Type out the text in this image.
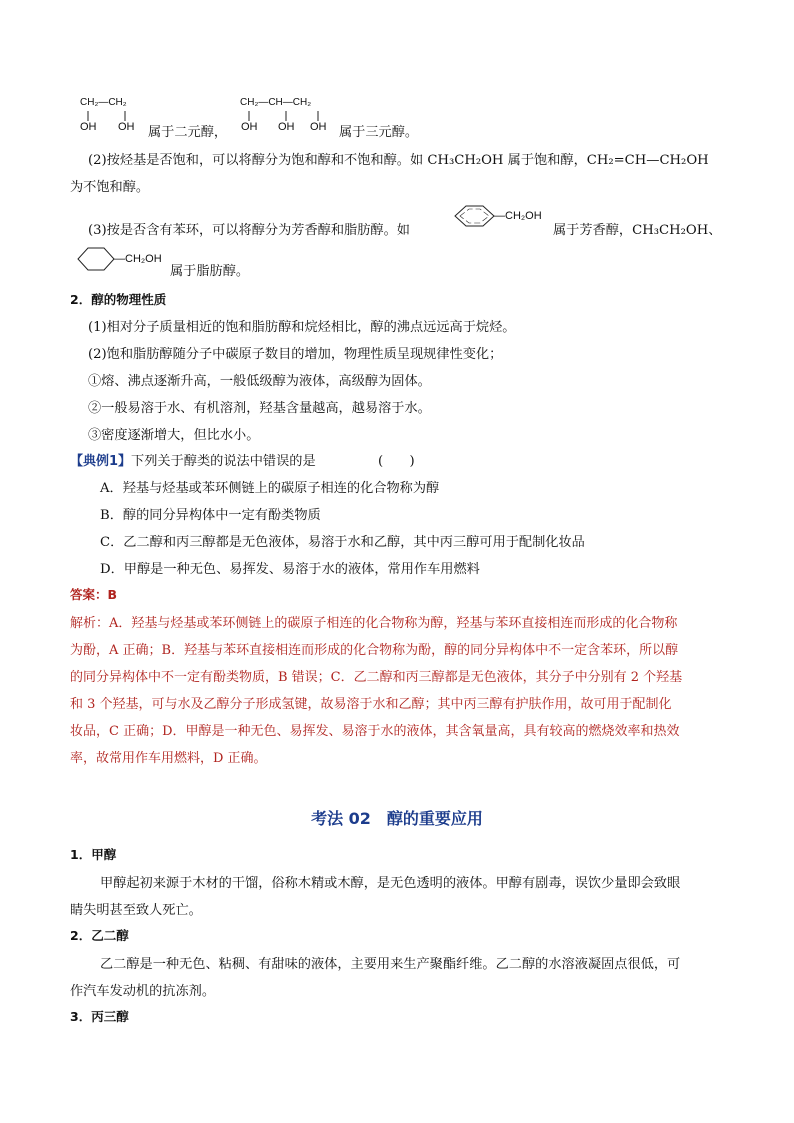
CH₂—CH₂
OH OH 属于二元醇，
CH₂—CH—CH₂
OH OH OH 属于三元醇。
(2)按烃基是否饱和，可以将醇分为饱和醇和不饱和醇。如 CH₃CH₂OH 属于饱和醇，CH₂=CH—CH₂OH
为不饱和醇。
(3)按是否含有苯环，可以将醇分为芳香醇和脂肪醇。如
—CH₂OH
属于芳香醇，CH₃CH₂OH、
—CH₂OH
属于脂肪醇。
2．醇的物理性质
(1)相对分子质量相近的饱和脂肪醇和烷烃相比，醇的沸点远远高于烷烃。
(2)饱和脂肪醇随分子中碳原子数目的增加，物理性质呈现规律性变化；
①熔、沸点逐渐升高，一般低级醇为液体，高级醇为固体。
②一般易溶于水、有机溶剂，羟基含量越高，越易溶于水。
③密度逐渐增大，但比水小。
【典例1】下列关于醇类的说法中错误的是	(　　)
A．羟基与烃基或苯环侧链上的碳原子相连的化合物称为醇
B．醇的同分异构体中一定有酚类物质
C．乙二醇和丙三醇都是无色液体，易溶于水和乙醇，其中丙三醇可用于配制化妆品
D．甲醇是一种无色、易挥发、易溶于水的液体，常用作车用燃料
答案：B
解析：A．羟基与烃基或苯环侧链上的碳原子相连的化合物称为醇，羟基与苯环直接相连而形成的化合物称
为酚，A 正确；B．羟基与苯环直接相连而形成的化合物称为酚，醇的同分异构体中不一定含苯环，所以醇
的同分异构体中不一定有酚类物质，B 错误；C．乙二醇和丙三醇都是无色液体，其分子中分别有 2 个羟基
和 3 个羟基，可与水及乙醇分子形成氢键，故易溶于水和乙醇；其中丙三醇有护肤作用，故可用于配制化
妆品，C 正确；D．甲醇是一种无色、易挥发、易溶于水的液体，其含氧量高，具有较高的燃烧效率和热效
率，故常用作车用燃料，D 正确。
考法 02　醇的重要应用
1．甲醇
甲醇起初来源于木材的干馏，俗称木精或木醇，是无色透明的液体。甲醇有剧毒，误饮少量即会致眼
睛失明甚至致人死亡。
2．乙二醇
乙二醇是一种无色、粘稠、有甜味的液体，主要用来生产聚酯纤维。乙二醇的水溶液凝固点很低，可
作汽车发动机的抗冻剂。
3．丙三醇
